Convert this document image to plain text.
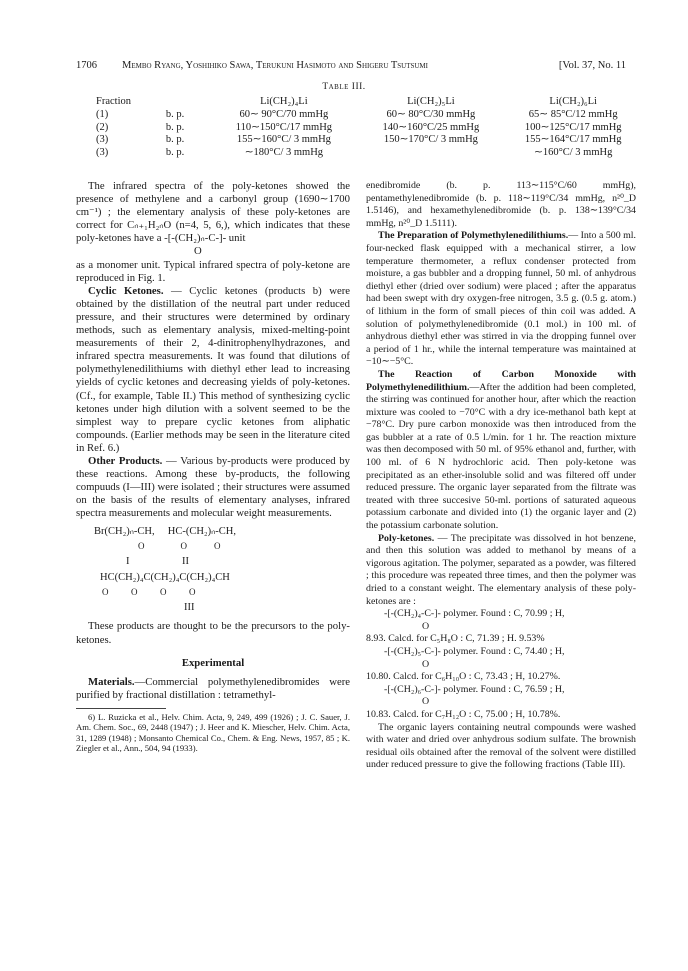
1706	Membo Ryang, Yoshihiko Sawa, Terukuni Hasimoto and Shigeru Tsutsumi	[Vol. 37, No. 11
Table III.
Fraction		Li(CH₂)₄Li	Li(CH₂)₅Li	Li(CH₂)₆Li
(1)	b. p.	60∼ 90°C/70 mmHg	60∼ 80°C/30 mmHg	65∼ 85°C/12 mmHg
(2)	b. p.	110∼150°C/17 mmHg	140∼160°C/25 mmHg	100∼125°C/17 mmHg
(3)	b. p.	155∼160°C/ 3 mmHg	150∼170°C/ 3 mmHg	155∼164°C/17 mmHg
(3)	b. p.	∼180°C/ 3 mmHg		∼160°C/ 3 mmHg

The infrared spectra of the poly-ketones showed the presence of methylene and a carbonyl group (1690∼1700 cm⁻¹) ; the elementary analysis of these poly-ketones are correct for Cₙ₊₁H₂ₙO (n=4, 5, 6,), which indicates that these poly-ketones have a -[-(CH₂)ₙ-C-]- unit

O

as a monomer unit. Typical infrared spectra of poly-ketone are reproduced in Fig. 1.

Cyclic Ketones. — Cyclic ketones (products b) were obtained by the distillation of the neutral part under reduced pressure, and their structures were determined by ordinary methods, such as elementary analysis, mixed-melting-point measurements of their 2, 4-dinitrophenylhydrazones, and infrared spectra measurements. It was found that dilutions of polymethylenedilithiums with diethyl ether lead to increasing yields of cyclic ketones and decreasing yields of poly-ketones. (Cf., for example, Table II.) This method of synthesizing cyclic ketones under high dilution with a solvent seemed to be the simplest way to prepare cyclic ketones from aliphatic compounds. (Earlier methods may be seen in the literature cited in Ref. 6.)

Other Products. — Various by-products were produced by these reactions. Among these by-products, the following compuuds (I—III) were isolated ; their structures were assumed on the basis of the results of elementary analyses, infrared spectra measurements and molecular weight measurements.

Br(CH₂)ₙ-CH,     HC-(CH₂)ₙ-CH,
O                O            O
I                    II
HC(CH₂)₄C(CH₂)₄C(CH₂)₄CH
O          O          O          O
III

These products are thought to be the precursors to the poly-ketones.

Experimental

Materials.—Commercial polymethylenedibromides were purified by fractional distillation : tetramethyl-

6) L. Ruzicka et al., Helv. Chim. Acta, 9, 249, 499 (1926) ; J. C. Sauer, J. Am. Chem. Soc., 69, 2448 (1947) ; J. Heer and K. Miescher, Helv. Chim. Acta, 31, 1289 (1948) ; Monsanto Chemical Co., Chem. & Eng. News, 1957, 85 ; K. Ziegler et al., Ann., 504, 94 (1933).

enedibromide (b. p. 113∼115°C/60 mmHg), pentamethylenedibromide (b. p. 118∼119°C/34 mmHg, n²⁰_D 1.5146), and hexamethylenedibromide (b. p. 138∼139°C/34 mmHg, n²⁰_D 1.5111).

The Preparation of Polymethylenedilithiums.— Into a 500 ml. four-necked flask equipped with a mechanical stirrer, a low temperature thermometer, a reflux condenser protected from moisture, a gas bubbler and a dropping funnel, 50 ml. of anhydrous diethyl ether (dried over sodium) were placed ; after the apparatus had been swept with dry oxygen-free nitrogen, 3.5 g. (0.5 g. atom.) of lithium in the form of small pieces of thin coil was added. A solution of polymethylenedibromide (0.1 mol.) in 100 ml. of anhydrous diethyl ether was stirred in via the dropping funnel over a period of 1 hr., while the internal temperature was maintained at −10∼−5°C.

The Reaction of Carbon Monoxide with Polymethylenedilithium.—After the addition had been completed, the stirring was continued for another hour, after which the reaction mixture was cooled to −70°C with a dry ice-methanol bath kept at −78°C. Dry pure carbon monoxide was then introduced from the gas bubbler at a rate of 0.5 l./min. for 1 hr. The reaction mixture was then decomposed with 50 ml. of 95% ethanol and, further, with 100 ml. of 6 N hydrochloric acid. Then poly-ketone was precipitated as an ether-insoluble solid and was filtered off under reduced pressure. The organic layer separated from the filtrate was treated with three succesive 50-ml. portions of saturated aqueous potassium carbonate and divided into (1) the organic layer and (2) the potassium carbonate solution.

Poly-ketones. — The precipitate was dissolved in hot benzene, and then this solution was added to methanol by means of a vigorous agitation. The polymer, separated as a powder, was filtered ; this procedure was repeated three times, and then the polymer was dried to a constant weight. The elementary analysis of these poly-ketones are :

-[-(CH₂)₄-C-]- polymer. Found : C, 70.99 ; H,

O

8.93. Calcd. for C₅H₈O : C, 71.39 ; H. 9.53%

-[-(CH₂)₅-C-]- polymer. Found : C, 74.40 ; H,

O

10.80. Calcd. for C₆H₁₀O : C, 73.43 ; H, 10.27%.

-[-(CH₂)₆-C-]- polymer. Found : C, 76.59 ; H,

O

10.83. Calcd. for C₇H₁₂O : C, 75.00 ; H, 10.78%.

The organic layers containing neutral compounds were washed with water and dried over anhydrous sodium sulfate. The brownish residual oils obtained after the removal of the solvent were distilled under reduced pressure to give the following fractions (Table III).
